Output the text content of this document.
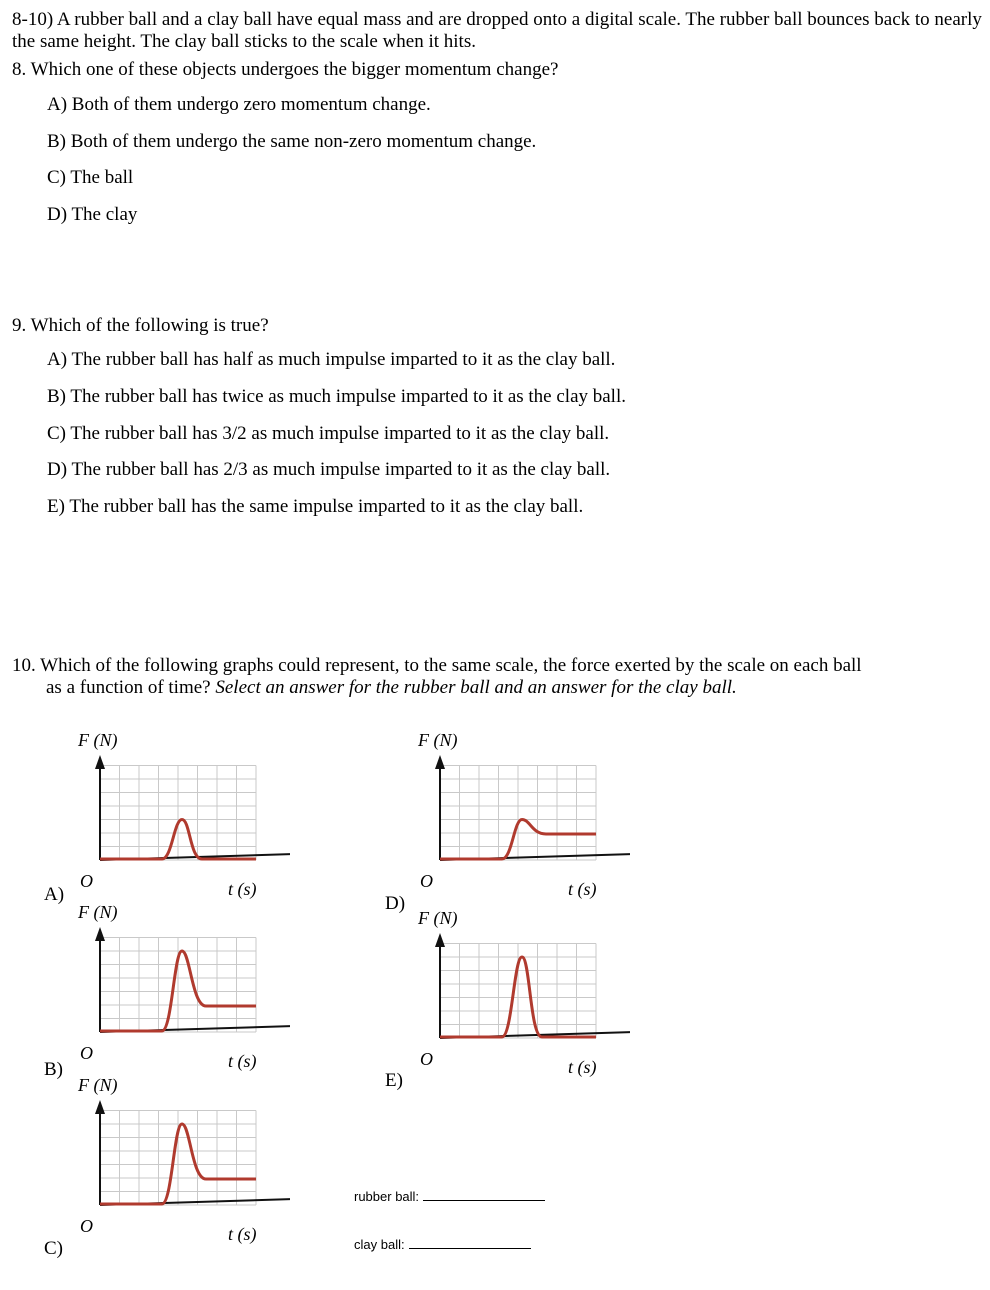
8-10) A rubber ball and a clay ball have equal mass and are dropped onto a digital scale. The rubber ball bounces back to nearly the same height. The clay ball sticks to the scale when it hits.
8. Which one of these objects undergoes the bigger momentum change?
A) Both of them undergo zero momentum change.
B) Both of them undergo the same non-zero momentum change.
C) The ball
D) The clay
9. Which of the following is true?
A) The rubber ball has half as much impulse imparted to it as the clay ball.
B) The rubber ball has twice as much impulse imparted to it as the clay ball.
C) The rubber ball has 3/2 as much impulse imparted to it as the clay ball.
D) The rubber ball has 2/3 as much impulse imparted to it as the clay ball.
E) The rubber ball has the same impulse imparted to it as the clay ball.
10. Which of the following graphs could represent, to the same scale, the force exerted by the scale on each ball
as a function of time? Select an answer for the rubber ball and an answer for the clay ball.
F (N)
t (s)
O
F (N)
t (s)
O
F (N)
t (s)
O
F (N)
t (s)
O
F (N)
t (s)
O
A)
B)
C)
D)
E)
rubber ball:
clay ball:
